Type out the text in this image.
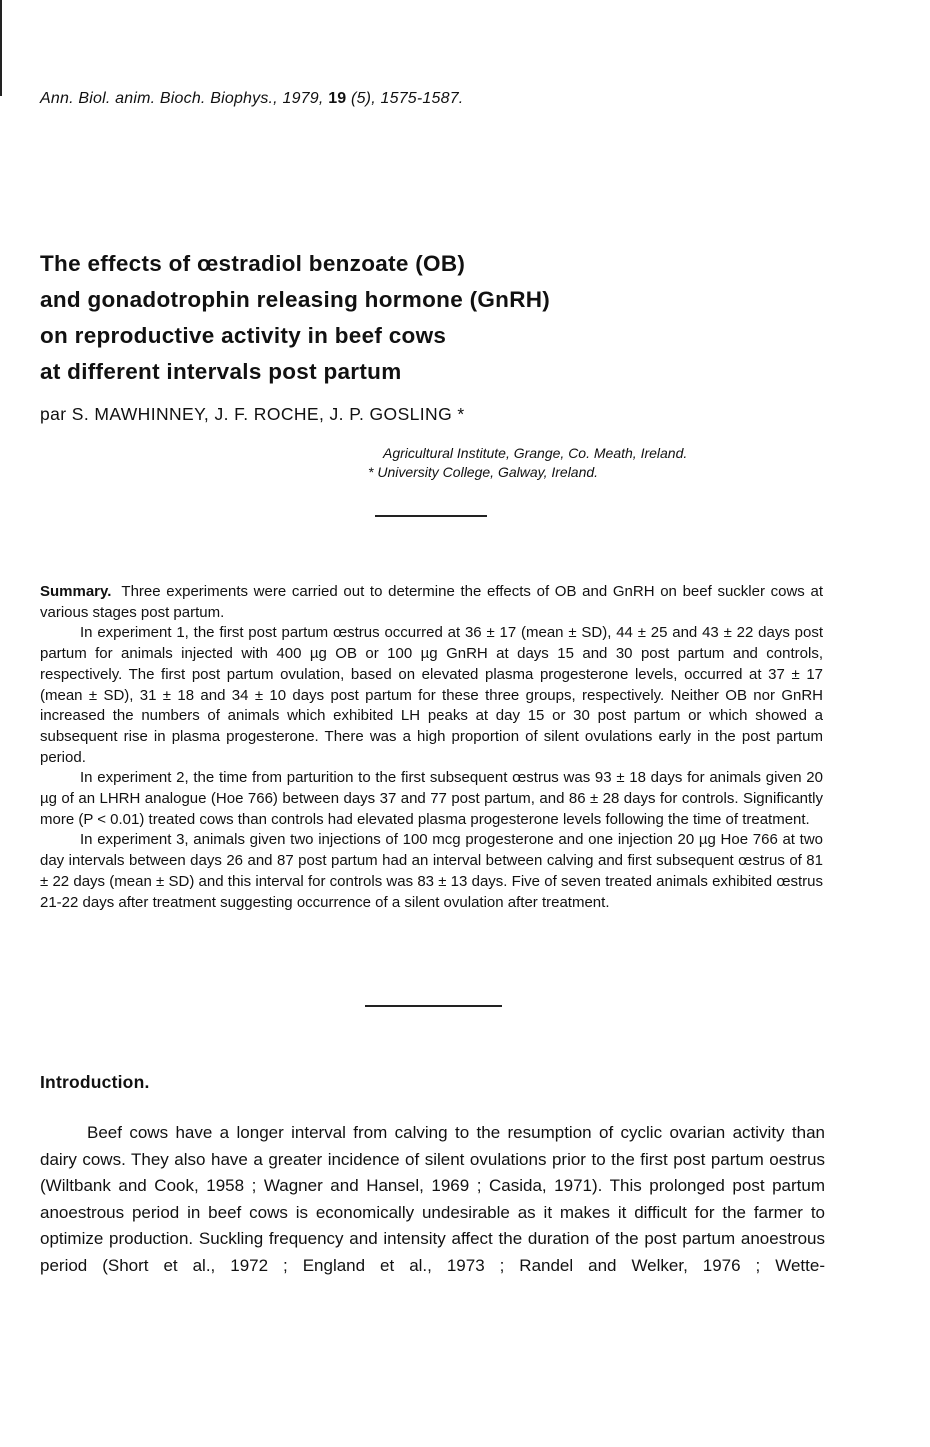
Ann. Biol. anim. Bioch. Biophys., 1979, 19 (5), 1575-1587.
The effects of œstradiol benzoate (OB)
and gonadotrophin releasing hormone (GnRH)
on reproductive activity in beef cows
at different intervals post partum
par S. MAWHINNEY, J. F. ROCHE, J. P. GOSLING *
Agricultural Institute, Grange, Co. Meath, Ireland.
* University College, Galway, Ireland.

Summary. Three experiments were carried out to determine the effects of OB and GnRH on beef suckler cows at various stages post partum.

In experiment 1, the first post partum œstrus occurred at 36 ± 17 (mean ± SD), 44 ± 25 and 43 ± 22 days post partum for animals injected with 400 µg OB or 100 µg GnRH at days 15 and 30 post partum and controls, respectively. The first post partum ovulation, based on elevated plasma progesterone levels, occurred at 37 ± 17 (mean ± SD), 31 ± 18 and 34 ± 10 days post partum for these three groups, respectively. Neither OB nor GnRH increased the numbers of animals which exhibited LH peaks at day 15 or 30 post partum or which showed a subsequent rise in plasma progesterone. There was a high proportion of silent ovulations early in the post partum period.

In experiment 2, the time from parturition to the first subsequent œstrus was 93 ± 18 days for animals given 20 µg of an LHRH analogue (Hoe 766) between days 37 and 77 post partum, and 86 ± 28 days for controls. Significantly more (P < 0.01) treated cows than controls had elevated plasma progesterone levels following the time of treatment.

In experiment 3, animals given two injections of 100 mcg progesterone and one injection 20 µg Hoe 766 at two day intervals between days 26 and 87 post partum had an interval between calving and first subsequent œstrus of 81 ± 22 days (mean ± SD) and this interval for controls was 83 ± 13 days. Five of seven treated animals exhibited œstrus 21-22 days after treatment suggesting occurrence of a silent ovulation after treatment.

Introduction.

Beef cows have a longer interval from calving to the resumption of cyclic ovarian activity than dairy cows. They also have a greater incidence of silent ovulations prior to the first post partum oestrus (Wiltbank and Cook, 1958 ; Wagner and Hansel, 1969 ; Casida, 1971). This prolonged post partum anoestrous period in beef cows is economically undesirable as it makes it difficult for the farmer to optimize production. Suckling frequency and intensity affect the duration of the post partum anoestrous period (Short et al., 1972 ; England et al., 1973 ; Randel and Welker, 1976 ; Wette-
